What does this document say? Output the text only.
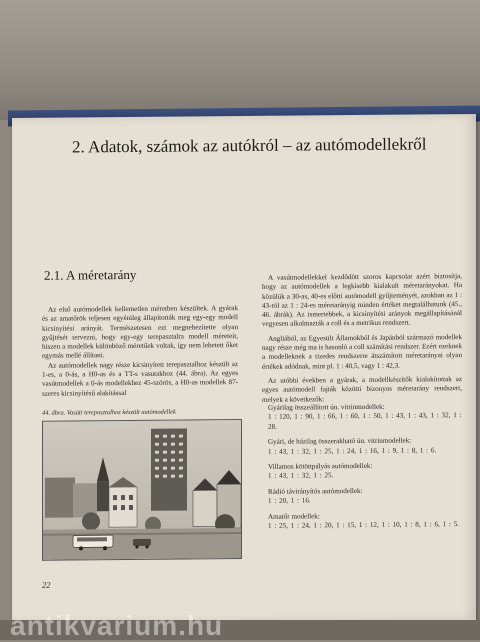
2. Adatok, számok az autókról – az autómodellekről
2.1. A méretarány

Az első autómodellek kellemetlen méretben készültek. A gyárak és az amatőrök teljesen egyénileg állapították meg egy-egy modell kicsinyítési arányát. Természetesen ezt megnehezítette olyan gyűjtését tervezni, hogy egy-egy terepasztalra modell méreteit, hiszen a modellek különböző méretűek voltak, így nem lehetett őket egymás mellé állítani.

Az autómodellek nagy része kicsinyített terepasztalhoz készült az 1-es, a 0-ás, a H0-as és a TT-s vasutakhoz (44. ábra). Az egyes vasútmodellek a 0-ás modellekhez 45-szörös, a H0-as modellek 87-szeres kicsinyítésű alakítással

44. ábra. Vasúti terepasztalhoz készült autómodellek

A vasútmodellekkel kezdődött szoros kapcsolat azért biztosítja, hogy az autómodellek a legkisebb kialakult méretarányokat. Ha közülük a 30-as, 40-es előtti autómodell gyűjteményét, azokban az 1 : 43-ról az 1 : 24-es méretarányig minden értéket megtalálhatunk (45., 46. ábrák). Az ismertebbek, a kicsinyítési arányok megállapításánál vegyesen alkalmazták a coll és a metrikus rendszert.

Angliából, az Egyesült Államokból és Japánból származó modellek nagy része még ma is hasonló a coll számítási rendszer. Ezért ezeknek a modelleknek a tizedes rendszerre átszámított méretarányai olyan értékek adódnak, mint pl. 1 : 40,5, vagy 1 : 42,3.

Az utóbbi években a gyárak, a modellkészítők kialakítottak az egyes autómodell fajták közötti bizonyos méretarány rendszert, melyek a következők:

Gyárilag összeállított ún. vitrinmodellek:
1 : 120, 1 : 90, 1 : 66, 1 : 60, 1 : 50, 1 : 43, 1 : 43, 1 : 32, 1 : 28.
Gyári, de házilag összerakható ún. vitrinmodellek:
1 : 43, 1 : 32, 1 : 25, 1 : 24, 1 : 16, 1 : 9, 1 : 8, 1 : 6.
Villamos kötöttpályás autómodellek:
1 : 43, 1 : 32, 1 : 25.
Rádió távirányítós autómodellek:
1 : 20, 1 : 16.
Amatőr modellek:
1 : 25, 1 : 24, 1 : 20, 1 : 15, 1 : 12, 1 : 10, 1 : 8, 1 : 6, 1 : 5.
22
antikvarium.hu
